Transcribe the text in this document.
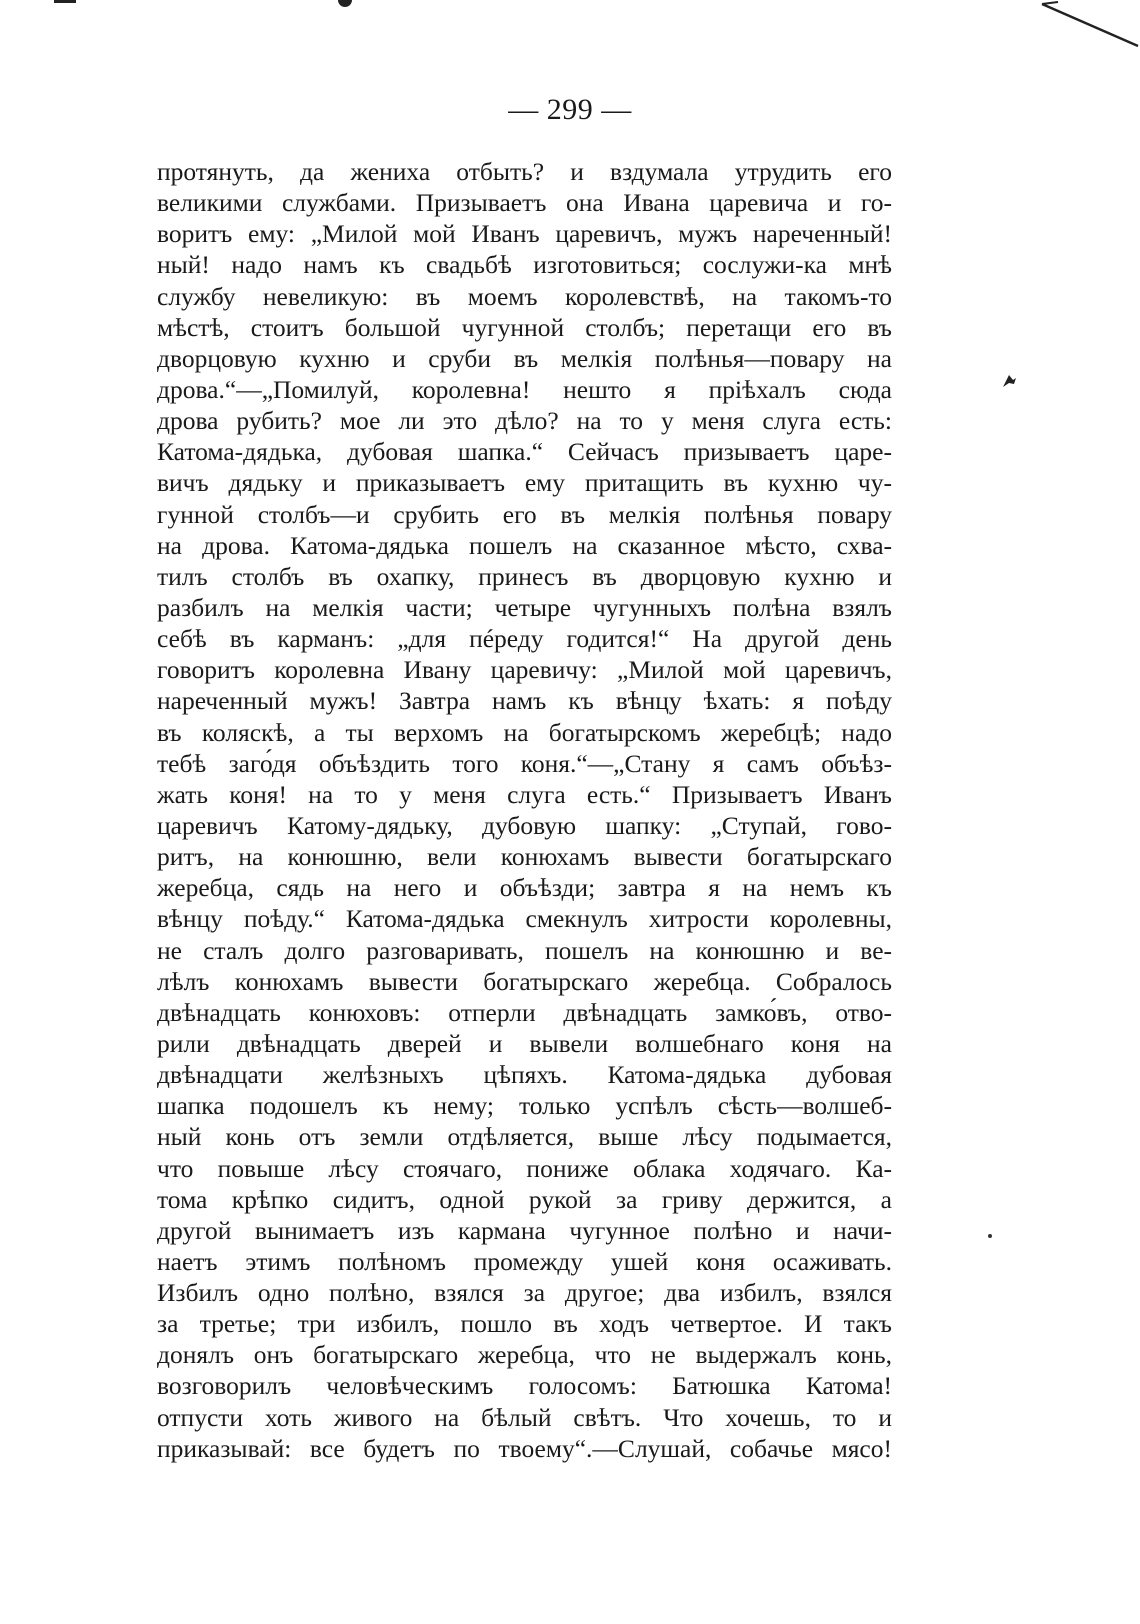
— 299 —
протянуть, да жениха отбыть? и вздумала утрудить его
великими службами. Призываетъ она Ивана царевича и го-
воритъ ему: „Милой мой Иванъ царевичъ, мужъ нареченный!
ный! надо намъ къ свадьбѣ изготовиться; сослужи-ка мнѣ
службу невеликую: въ моемъ королевствѣ, на такомъ-то
мѣстѣ, стоитъ большой чугунной столбъ; перетащи его въ
дворцовую кухню и сруби въ мелкія полѣнья—повару на
дрова.“—„Помилуй, королевна! нешто я пріѣхалъ сюда
дрова рубить? мое ли это дѣло? на то у меня слуга есть:
Катома-дядька, дубовая шапка.“ Сейчасъ призываетъ царе-
вичъ дядьку и приказываетъ ему притащить въ кухню чу-
гунной столбъ—и срубить его въ мелкія полѣнья повару
на дрова. Катома-дядька пошелъ на сказанное мѣсто, схва-
тилъ столбъ въ охапку, принесъ въ дворцовую кухню и
разбилъ на мелкія части; четыре чугунныхъ полѣна взялъ
себѣ въ карманъ: „для пéреду годится!“ На другой день
говоритъ королевна Ивану царевичу: „Милой мой царевичъ,
нареченный мужъ! Завтра намъ къ вѣнцу ѣхать: я поѣду
въ коляскѣ, а ты верхомъ на богатырскомъ жеребцѣ; надо
тебѣ заго́дя объѣздить того коня.“—„Стану я самъ объѣз-
жать коня! на то у меня слуга есть.“ Призываетъ Иванъ
царевичъ Катому-дядьку, дубовую шапку: „Ступай, гово-
ритъ, на конюшню, вели конюхамъ вывести богатырскаго
жеребца, сядь на него и объѣзди; завтра я на немъ къ
вѣнцу поѣду.“ Катома-дядька смекнулъ хитрости королевны,
не сталъ долго разговаривать, пошелъ на конюшню и ве-
лѣлъ конюхамъ вывести богатырскаго жеребца. Собралось
двѣнадцать конюховъ: отперли двѣнадцать замко́въ, отво-
рили двѣнадцать дверей и вывели волшебнаго коня на
двѣнадцати желѣзныхъ цѣпяхъ. Катома-дядька дубовая
шапка подошелъ къ нему; только успѣлъ сѣсть—волшеб-
ный конь отъ земли отдѣляется, выше лѣсу подымается,
что повыше лѣсу стоячаго, пониже облака ходячаго. Ка-
тома крѣпко сидитъ, одной рукой за гриву держится, а
другой вынимаетъ изъ кармана чугунное полѣно и начи-
наетъ этимъ полѣномъ промежду ушей коня осаживать.
Избилъ одно полѣно, взялся за другое; два избилъ, взялся
за третье; три избилъ, пошло въ ходъ четвертое. И такъ
донялъ онъ богатырскаго жеребца, что не выдержалъ конь,
возговорилъ человѣческимъ голосомъ: Батюшка Катома!
отпусти хоть живого на бѣлый свѣтъ. Что хочешь, то и
приказывай: все будетъ по твоему“.—Слушай, собачье мясо!
